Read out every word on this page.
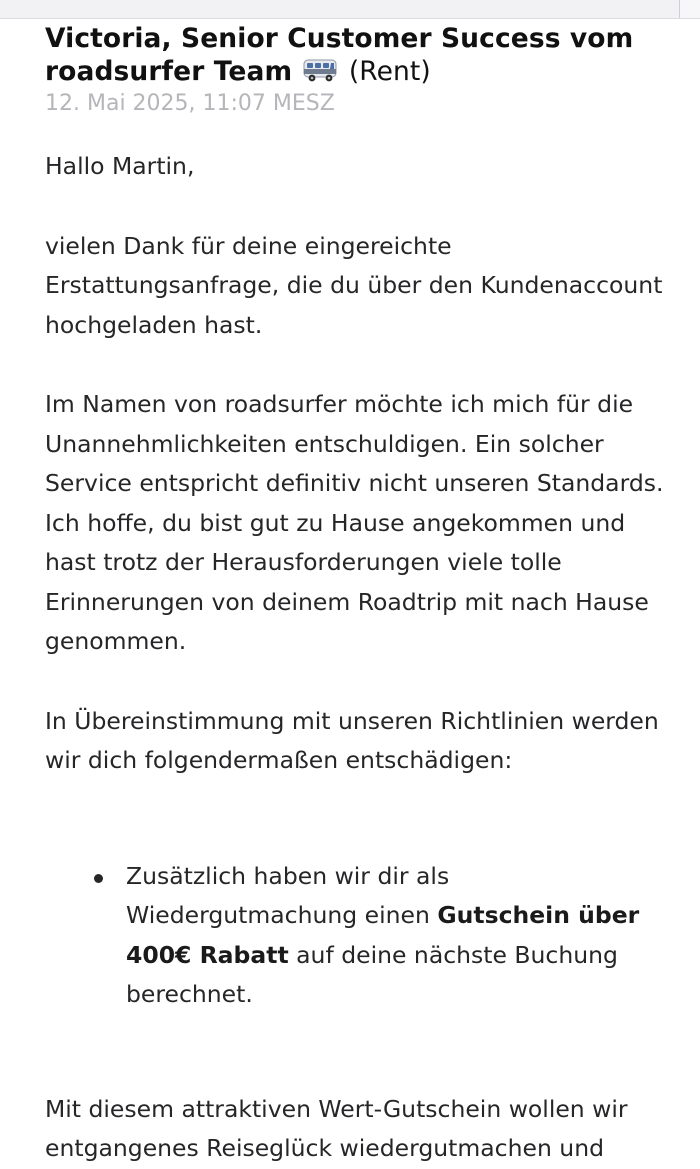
Victoria, Senior Customer Success vom roadsurfer Team (Rent)
12. Mai 2025, 11:07 MESZ

Hallo Martin,

vielen Dank für deine eingereichte Erstattungsanfrage, die du über den Kundenaccount hochgeladen hast.

Im Namen von roadsurfer möchte ich mich für die Unannehmlichkeiten entschuldigen. Ein solcher Service entspricht definitiv nicht unseren Standards. Ich hoffe, du bist gut zu Hause angekommen und hast trotz der Herausforderungen viele tolle Erinnerungen von deinem Roadtrip mit nach Hause genommen.

In Übereinstimmung mit unseren Richtlinien werden wir dich folgendermaßen entschädigen:

Zusätzlich haben wir dir als Wiedergutmachung einen Gutschein über 400€ Rabatt auf deine nächste Buchung berechnet.

Mit diesem attraktiven Wert-Gutschein wollen wir entgangenes Reiseglück wiedergutmachen und
